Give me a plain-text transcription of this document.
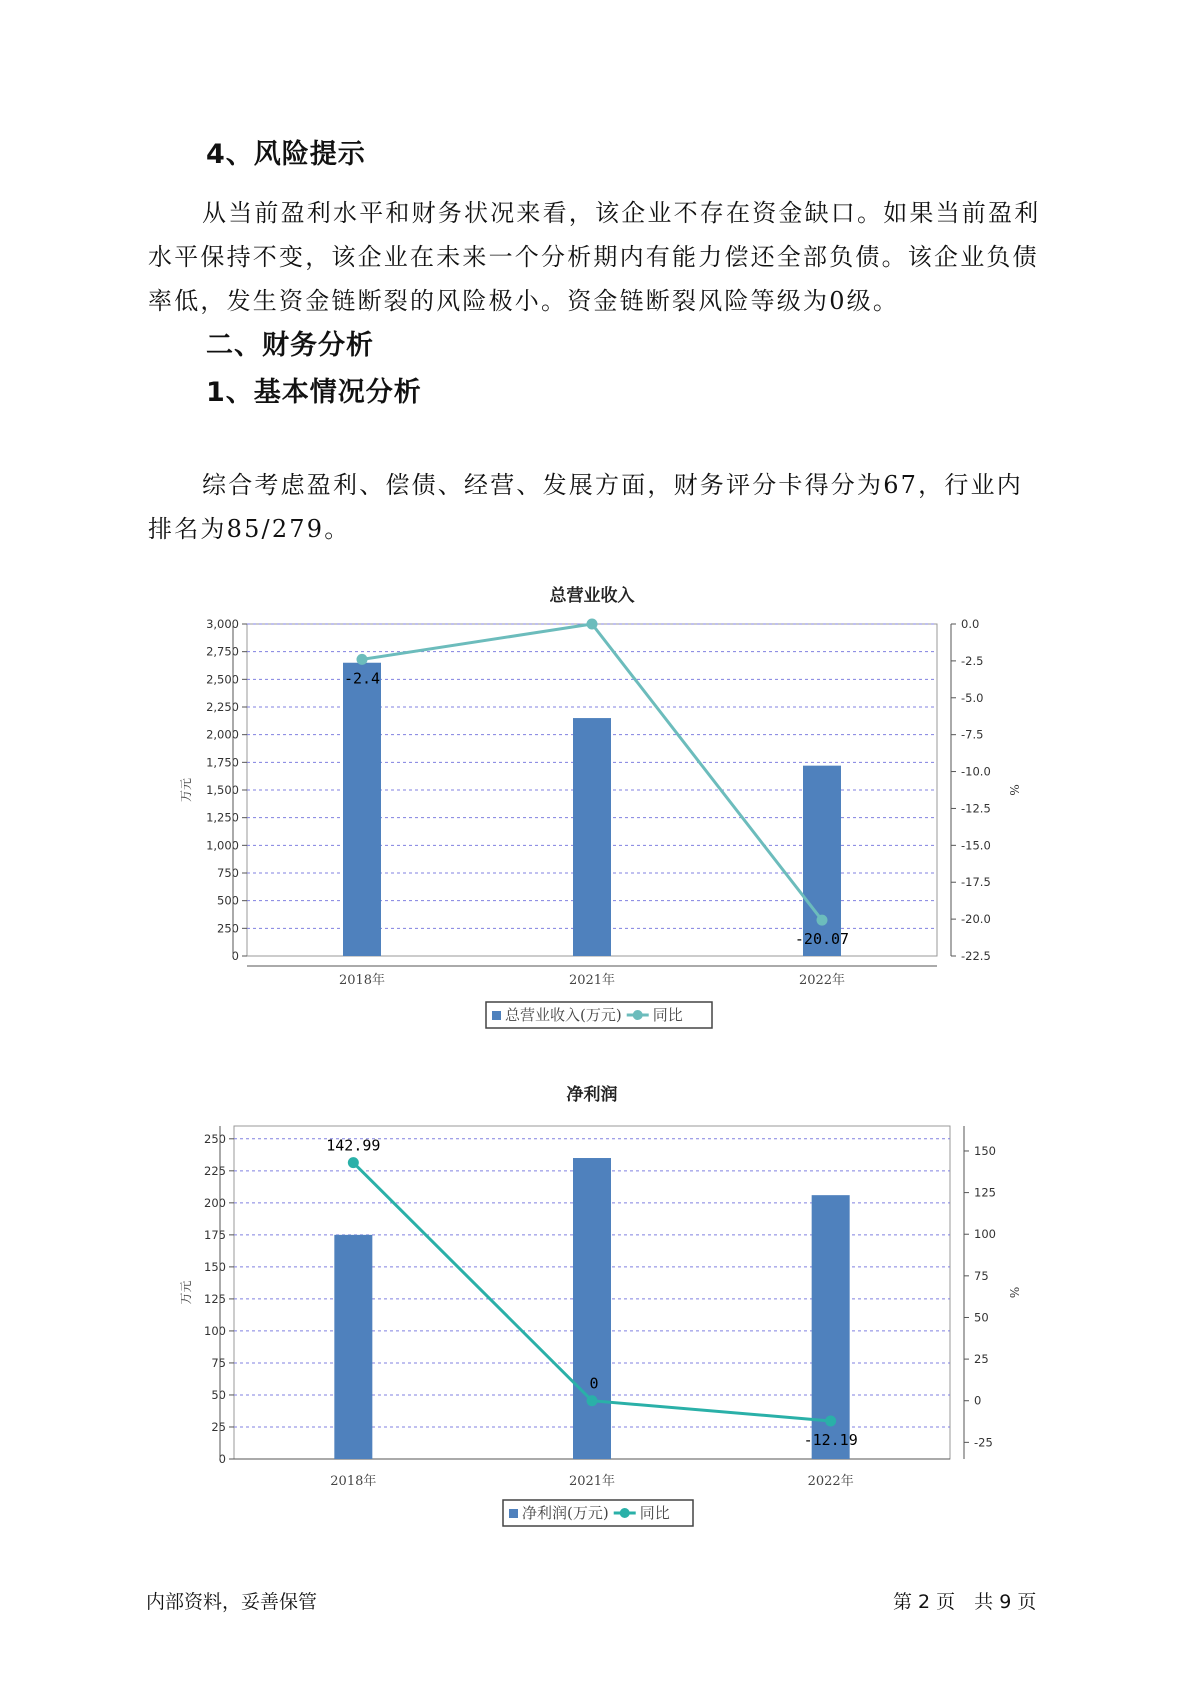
4、风险提示

从当前盈利水平和财务状况来看，该企业不存在资金缺口。如果当前盈利水平保持不变，该企业在未来一个分析期内有能力偿还全部负债。该企业负债率低，发生资金链断裂的风险极小。资金链断裂风险等级为0级。

二、财务分析
1、基本情况分析

综合考虑盈利、偿债、经营、发展方面，财务评分卡得分为67，行业内排名为85/279。

总营业收入
0
250
500
750
1,000
1,250
1,500
1,750
2,000
2,250
2,500
2,750
3,000	0.0
-2.5
-5.0
-7.5
-10.0
-12.5
-15.0
-17.5
-20.0
-22.5
万元	%
2018年	2021年	2022年
-2.4
-20.07
总营业收入(万元) 同比
净利润
0
25
50
75
100
125
150
175
200
225
250
-25
0
25
50
75
100
125
150
万元	%
2018年	2021年	2022年
142.99
0
-12.19
净利润(万元) 同比

内部资料，妥善保管	第 2 页　共 9 页
